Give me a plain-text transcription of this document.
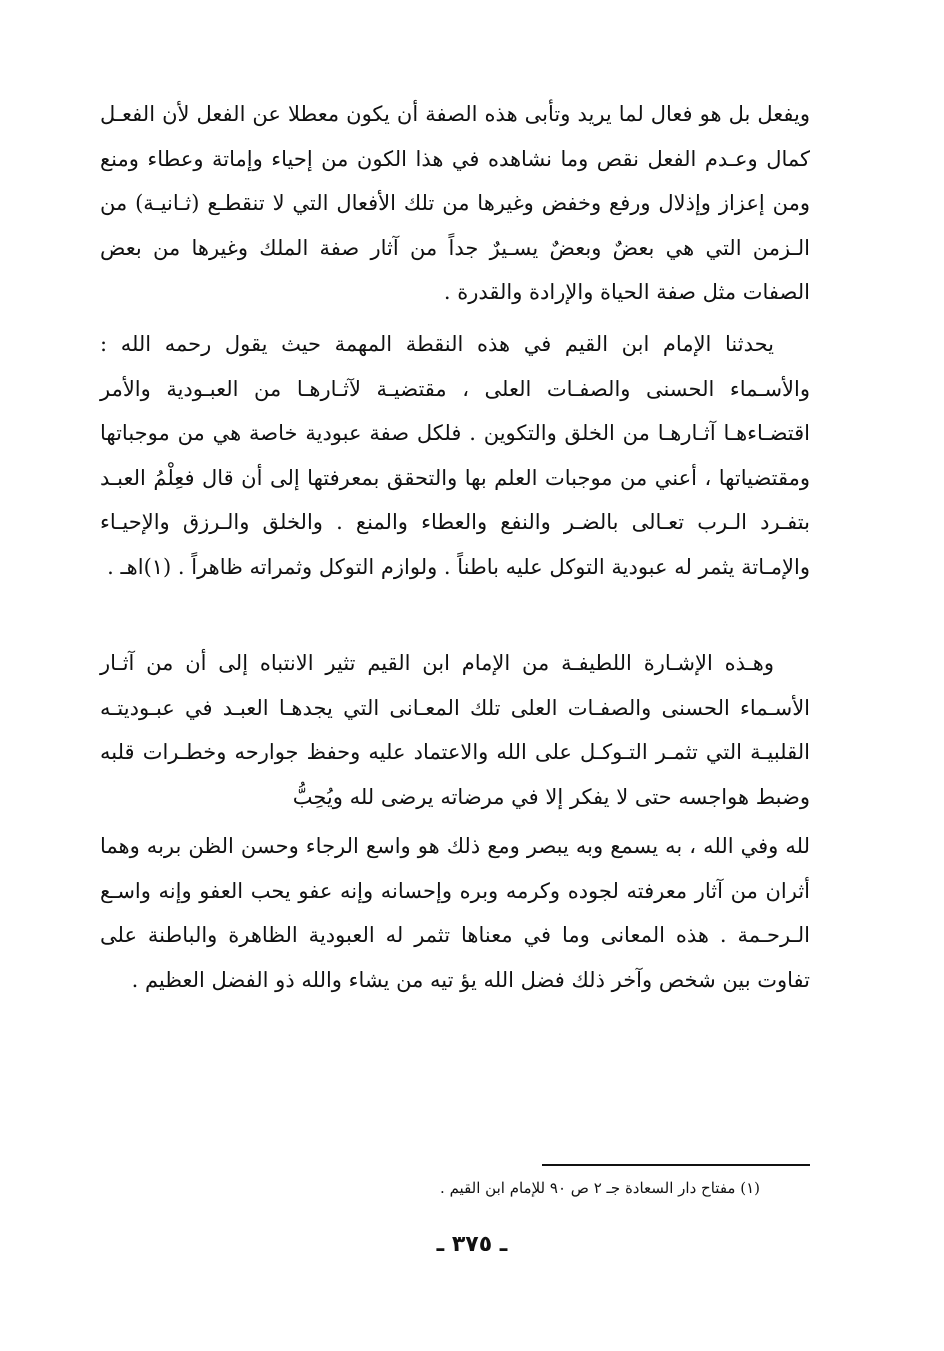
ويفعل بل هو فعال لما يريد وتأبى هذه الصفة أن يكون معطلا عن الفعل لأن الفعـل كمال وعـدم الفعل نقص وما نشاهده في هذا الكون من إحياء وإماتة وعطاء ومنع ومن إعزاز وإذلال ورفع وخفض وغيرها من تلك الأفعال التي لا تنقطـع (ثـانيـة) من الـزمن التي هي بعضٌ وبعضٌ يسـيرٌ جداً من آثار صفة الملك وغيرها من بعض الصفات مثل صفة الحياة والإرادة والقدرة .

يحدثنا الإمام ابن القيم في هذه النقطة المهمة حيث يقول رحمه الله : والأسـماء الحسنى والصفـات العلى ، مقتضيـة لآثـارهـا من العبـودية والأمر اقتضـاءهـا آثـارهـا من الخلق والتكوين . فلكل صفة عبودية خاصة هي من موجباتها ومقتضياتها ، أعني من موجبات العلم بها والتحقق بمعرفتها إلى أن قال فعِلْمُ العبـد بتفـرد الـرب تعـالى بالضـر والنفع والعطاء والمنع . والخلق والـرزق والإحيـاء والإمـاتة يثمر له عبودية التوكل عليه باطناً . ولوازم التوكل وثمراته ظاهراً . (١)اهـ .

وهـذه الإشـارة اللطيفـة من الإمام ابن القيم تثير الانتباه إلى أن من آثـار الأسـماء الحسنى والصفـات العلى تلك المعـانى التي يجدهـا العبـد في عبـوديتـه القلبيـة التي تثمـر التـوكـل على الله والاعتماد عليه وحفظ جوارحه وخطـرات قلبه وضبط هواجسه حتى لا يفكر إلا في مرضاته يرضى لله ويُحِبُّ

لله وفي الله ، به يسمع وبه يبصر ومع ذلك هو واسع الرجاء وحسن الظن بربه وهما أثران من آثار معرفته لجوده وكرمه وبره وإحسانه وإنه عفو يحب العفو وإنه واسـع الـرحـمة . هذه المعانى وما في معناها تثمر له العبودية الظاهرة والباطنة على تفاوت بين شخص وآخر ذلك فضل الله يؤ تيه من يشاء والله ذو الفضل العظيم .

(١) مفتاح دار السعادة جـ ٢ ص ٩٠ للإمام ابن القيم .
ـ ٣٧٥ ـ
